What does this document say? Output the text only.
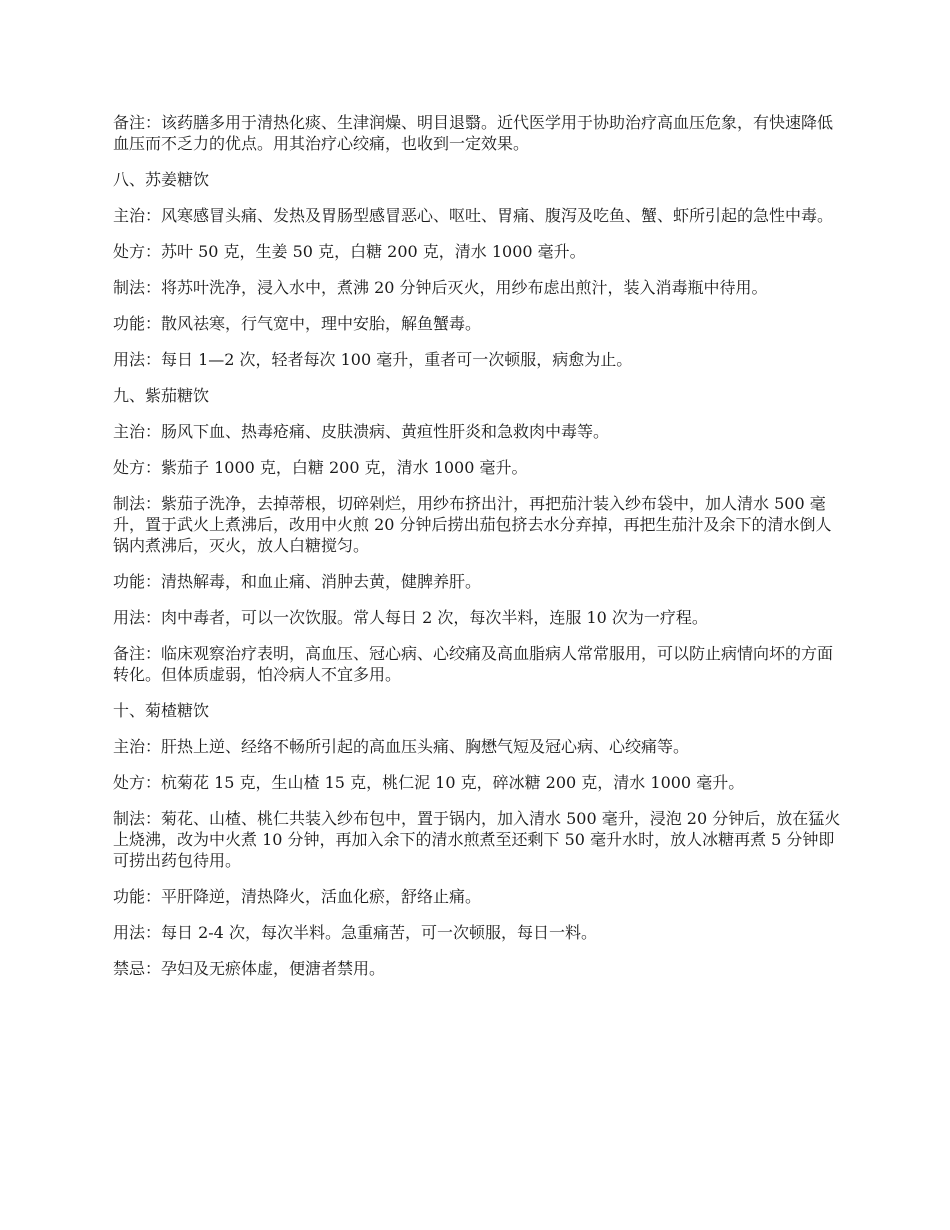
备注：该药膳多用于清热化痰、生津润燥、明目退翳。近代医学用于协助治疗高血压危象，有快速降低血压而不乏力的优点。用其治疗心绞痛，也收到一定效果。

八、苏姜糖饮

主治：风寒感冒头痛、发热及胃肠型感冒恶心、呕吐、胃痛、腹泻及吃鱼、蟹、虾所引起的急性中毒。

处方：苏叶 50 克，生姜 50 克，白糖 200 克，清水 1000 毫升。

制法：将苏叶洗净，浸入水中，煮沸 20 分钟后灭火，用纱布虑出煎汁，装入消毒瓶中待用。

功能：散风祛寒，行气宽中，理中安胎，解鱼蟹毒。

用法：每日 1—2 次，轻者每次 100 毫升，重者可一次顿服，病愈为止。

九、紫茄糖饮

主治：肠风下血、热毒疮痛、皮肤溃病、黄疸性肝炎和急救肉中毒等。

处方：紫茄子 1000 克，白糖 200 克，清水 1000 毫升。

制法：紫茄子洗净，去掉蒂根，切碎剁烂，用纱布挤出汁，再把茄汁装入纱布袋中，加人清水 500 毫升，置于武火上煮沸后，改用中火煎 20 分钟后捞出茄包挤去水分弃掉，再把生茄汁及余下的清水倒人锅内煮沸后，灭火，放人白糖搅匀。

功能：清热解毒，和血止痛、消肿去黄，健脾养肝。

用法：肉中毒者，可以一次饮服。常人每日 2 次，每次半料，连服 10 次为一疗程。

备注：临床观察治疗表明，高血压、冠心病、心绞痛及高血脂病人常常服用，可以防止病情向坏的方面转化。但体质虚弱，怕冷病人不宜多用。

十、菊楂糖饮

主治：肝热上逆、经络不畅所引起的高血压头痛、胸懋气短及冠心病、心绞痛等。

处方：杭菊花 15 克，生山楂 15 克，桃仁泥 10 克，碎冰糖 200 克，清水 1000 毫升。

制法：菊花、山楂、桃仁共装入纱布包中，置于锅内，加入清水 500 毫升，浸泡 20 分钟后，放在猛火上烧沸，改为中火煮 10 分钟，再加入余下的清水煎煮至还剩下 50 毫升水时，放人冰糖再煮 5 分钟即可捞出药包待用。

功能：平肝降逆，清热降火，活血化瘀，舒络止痛。

用法：每日 2-4 次，每次半料。急重痛苦，可一次顿服，每日一料。

禁忌：孕妇及无瘀体虚，便溏者禁用。
